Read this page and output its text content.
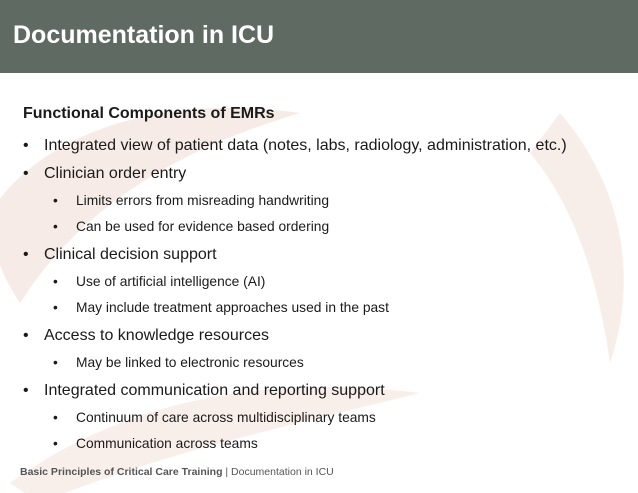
Documentation in ICU
Functional Components of EMRs
• Integrated view of patient data (notes, labs, radiology, administration, etc.)
• Clinician order entry
• Limits errors from misreading handwriting
• Can be used for evidence based ordering
• Clinical decision support
• Use of artificial intelligence (AI)
• May include treatment approaches used in the past
• Access to knowledge resources
• May be linked to electronic resources
• Integrated communication and reporting support
• Continuum of care across multidisciplinary teams
• Communication across teams
Basic Principles of Critical Care Training | Documentation in ICU
